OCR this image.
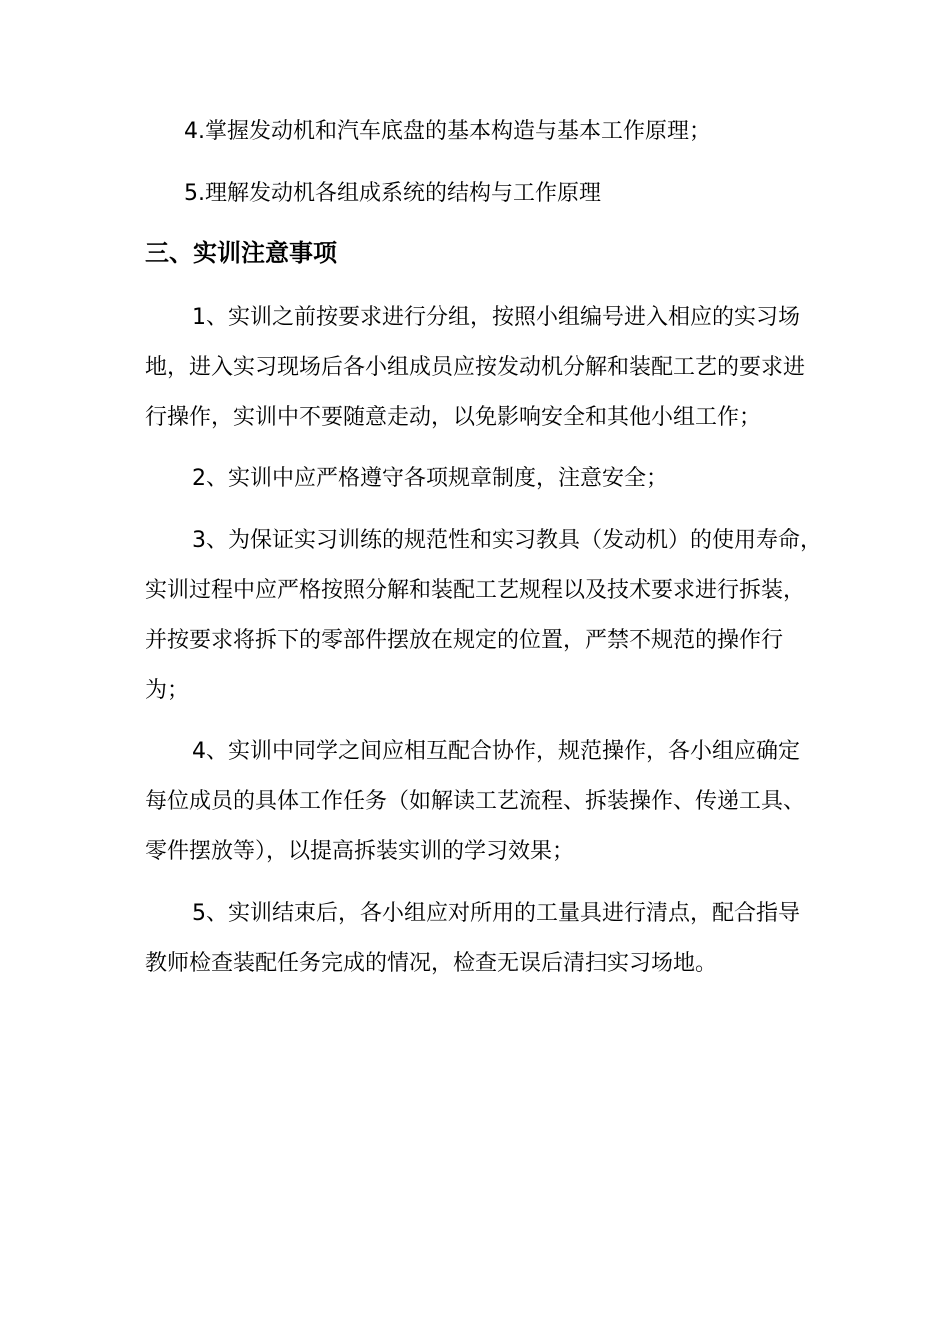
4.掌握发动机和汽车底盘的基本构造与基本工作原理；
5.理解发动机各组成系统的结构与工作原理
三、实训注意事项
1、实训之前按要求进行分组，按照小组编号进入相应的实习场
地，进入实习现场后各小组成员应按发动机分解和装配工艺的要求进
行操作，实训中不要随意走动，以免影响安全和其他小组工作；
2、实训中应严格遵守各项规章制度，注意安全；
3、为保证实习训练的规范性和实习教具（发动机）的使用寿命，
实训过程中应严格按照分解和装配工艺规程以及技术要求进行拆装，
并按要求将拆下的零部件摆放在规定的位置，严禁不规范的操作行
为；
4、实训中同学之间应相互配合协作，规范操作，各小组应确定
每位成员的具体工作任务（如解读工艺流程、拆装操作、传递工具、
零件摆放等），以提高拆装实训的学习效果；
5、实训结束后，各小组应对所用的工量具进行清点，配合指导
教师检查装配任务完成的情况，检查无误后清扫实习场地。
